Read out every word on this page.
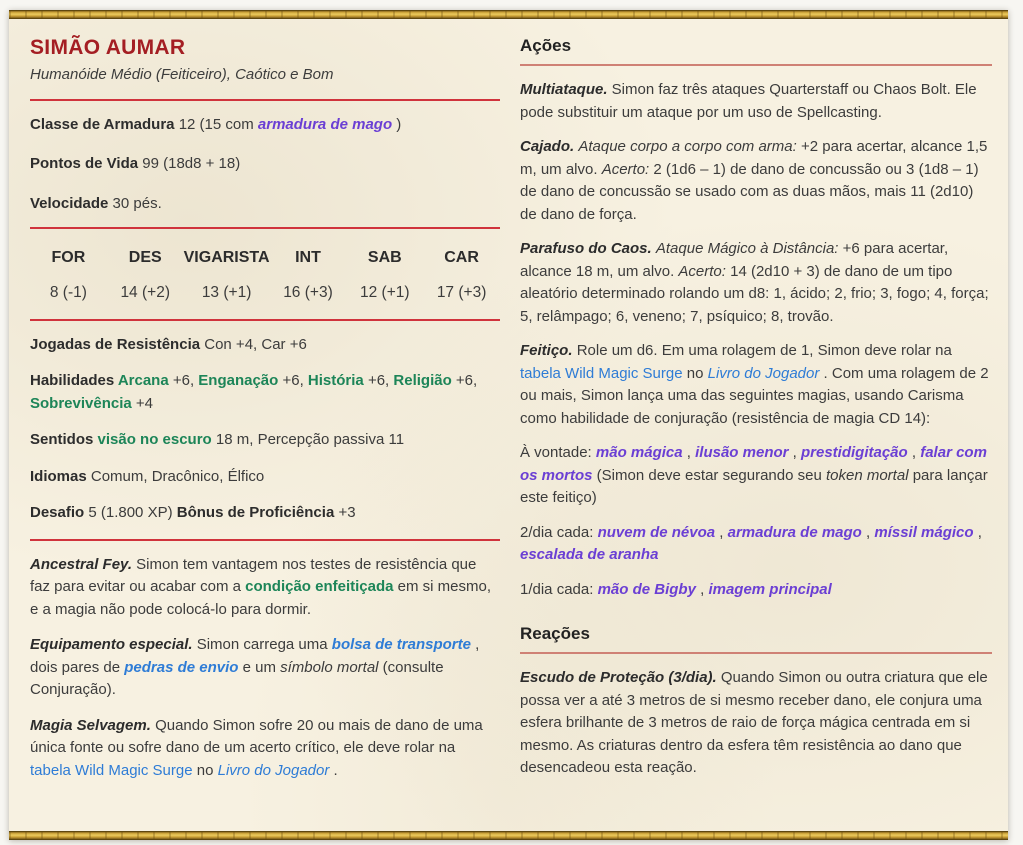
SIMÃO AUMAR
Humanóide Médio (Feiticeiro), Caótico e Bom

Classe de Armadura 12 (15 com armadura de mago )

Pontos de Vida 99 (18d8 + 18)

Velocidade 30 pés.

FOR
8 (-1)
DES
14 (+2)
VIGARISTA
13 (+1)
INT
16 (+3)
SAB
12 (+1)
CAR
17 (+3)

Jogadas de Resistência Con +4, Car +6

Habilidades Arcana +6, Enganação +6, História +6, Religião +6, Sobrevivência +4

Sentidos visão no escuro 18 m, Percepção passiva 11

Idiomas Comum, Dracônico, Élfico

Desafio 5 (1.800 XP) Bônus de Proficiência +3

Ancestral Fey. Simon tem vantagem nos testes de resistência que faz para evitar ou acabar com a condição enfeitiçada em si mesmo, e a magia não pode colocá-lo para dormir.

Equipamento especial. Simon carrega uma bolsa de transporte , dois pares de pedras de envio e um símbolo mortal (consulte Conjuração).

Magia Selvagem. Quando Simon sofre 20 ou mais de dano de uma única fonte ou sofre dano de um acerto crítico, ele deve rolar na tabela Wild Magic Surge no Livro do Jogador .

Ações

Multiataque. Simon faz três ataques Quarterstaff ou Chaos Bolt. Ele pode substituir um ataque por um uso de Spellcasting.

Cajado. Ataque corpo a corpo com arma: +2 para acertar, alcance 1,5 m, um alvo. Acerto: 2 (1d6 – 1) de dano de concussão ou 3 (1d8 – 1) de dano de concussão se usado com as duas mãos, mais 11 (2d10) de dano de força.

Parafuso do Caos. Ataque Mágico à Distância: +6 para acertar, alcance 18 m, um alvo. Acerto: 14 (2d10 + 3) de dano de um tipo aleatório determinado rolando um d8: 1, ácido; 2, frio; 3, fogo; 4, força; 5, relâmpago; 6, veneno; 7, psíquico; 8, trovão.

Feitiço. Role um d6. Em uma rolagem de 1, Simon deve rolar na tabela Wild Magic Surge no Livro do Jogador . Com uma rolagem de 2 ou mais, Simon lança uma das seguintes magias, usando Carisma como habilidade de conjuração (resistência de magia CD 14):

À vontade: mão mágica , ilusão menor , prestidigitação , falar com os mortos (Simon deve estar segurando seu token mortal para lançar este feitiço)

2/dia cada: nuvem de névoa , armadura de mago , míssil mágico , escalada de aranha

1/dia cada: mão de Bigby , imagem principal

Reações

Escudo de Proteção (3/dia). Quando Simon ou outra criatura que ele possa ver a até 3 metros de si mesmo receber dano, ele conjura uma esfera brilhante de 3 metros de raio de força mágica centrada em si mesmo. As criaturas dentro da esfera têm resistência ao dano que desencadeou esta reação.
